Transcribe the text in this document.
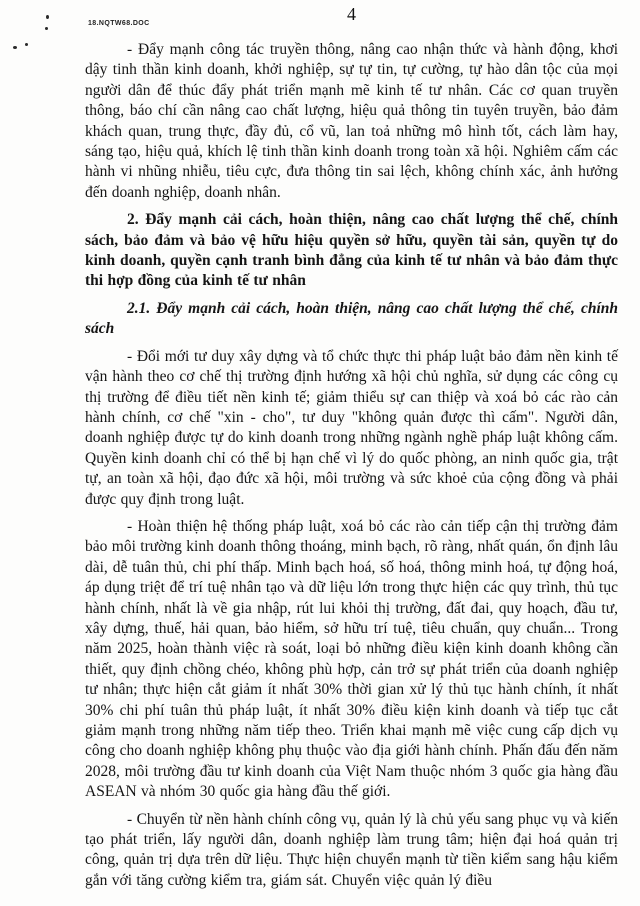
18.NQTW68.DOC	4

- Đẩy mạnh công tác truyền thông, nâng cao nhận thức và hành động, khơi dậy tinh thần kinh doanh, khởi nghiệp, sự tự tin, tự cường, tự hào dân tộc của mọi người dân để thúc đẩy phát triển mạnh mẽ kinh tế tư nhân. Các cơ quan truyền thông, báo chí cần nâng cao chất lượng, hiệu quả thông tin tuyên truyền, bảo đảm khách quan, trung thực, đầy đủ, cổ vũ, lan toả những mô hình tốt, cách làm hay, sáng tạo, hiệu quả, khích lệ tinh thần kinh doanh trong toàn xã hội. Nghiêm cấm các hành vi nhũng nhiễu, tiêu cực, đưa thông tin sai lệch, không chính xác, ảnh hưởng đến doanh nghiệp, doanh nhân.

2. Đẩy mạnh cải cách, hoàn thiện, nâng cao chất lượng thể chế, chính sách, bảo đảm và bảo vệ hữu hiệu quyền sở hữu, quyền tài sản, quyền tự do kinh doanh, quyền cạnh tranh bình đẳng của kinh tế tư nhân và bảo đảm thực thi hợp đồng của kinh tế tư nhân

2.1. Đẩy mạnh cải cách, hoàn thiện, nâng cao chất lượng thể chế, chính sách

- Đổi mới tư duy xây dựng và tổ chức thực thi pháp luật bảo đảm nền kinh tế vận hành theo cơ chế thị trường định hướng xã hội chủ nghĩa, sử dụng các công cụ thị trường để điều tiết nền kinh tế; giảm thiểu sự can thiệp và xoá bỏ các rào cản hành chính, cơ chế "xin - cho", tư duy "không quản được thì cấm". Người dân, doanh nghiệp được tự do kinh doanh trong những ngành nghề pháp luật không cấm. Quyền kinh doanh chỉ có thể bị hạn chế vì lý do quốc phòng, an ninh quốc gia, trật tự, an toàn xã hội, đạo đức xã hội, môi trường và sức khoẻ của cộng đồng và phải được quy định trong luật.

- Hoàn thiện hệ thống pháp luật, xoá bỏ các rào cản tiếp cận thị trường đảm bảo môi trường kinh doanh thông thoáng, minh bạch, rõ ràng, nhất quán, ổn định lâu dài, dễ tuân thủ, chi phí thấp. Minh bạch hoá, số hoá, thông minh hoá, tự động hoá, áp dụng triệt để trí tuệ nhân tạo và dữ liệu lớn trong thực hiện các quy trình, thủ tục hành chính, nhất là về gia nhập, rút lui khỏi thị trường, đất đai, quy hoạch, đầu tư, xây dựng, thuế, hải quan, bảo hiểm, sở hữu trí tuệ, tiêu chuẩn, quy chuẩn... Trong năm 2025, hoàn thành việc rà soát, loại bỏ những điều kiện kinh doanh không cần thiết, quy định chồng chéo, không phù hợp, cản trở sự phát triển của doanh nghiệp tư nhân; thực hiện cắt giảm ít nhất 30% thời gian xử lý thủ tục hành chính, ít nhất 30% chi phí tuân thủ pháp luật, ít nhất 30% điều kiện kinh doanh và tiếp tục cắt giảm mạnh trong những năm tiếp theo. Triển khai mạnh mẽ việc cung cấp dịch vụ công cho doanh nghiệp không phụ thuộc vào địa giới hành chính. Phấn đấu đến năm 2028, môi trường đầu tư kinh doanh của Việt Nam thuộc nhóm 3 quốc gia hàng đầu ASEAN và nhóm 30 quốc gia hàng đầu thế giới.

- Chuyển từ nền hành chính công vụ, quản lý là chủ yếu sang phục vụ và kiến tạo phát triển, lấy người dân, doanh nghiệp làm trung tâm; hiện đại hoá quản trị công, quản trị dựa trên dữ liệu. Thực hiện chuyển mạnh từ tiền kiểm sang hậu kiểm gắn với tăng cường kiểm tra, giám sát. Chuyển việc quản lý điều
